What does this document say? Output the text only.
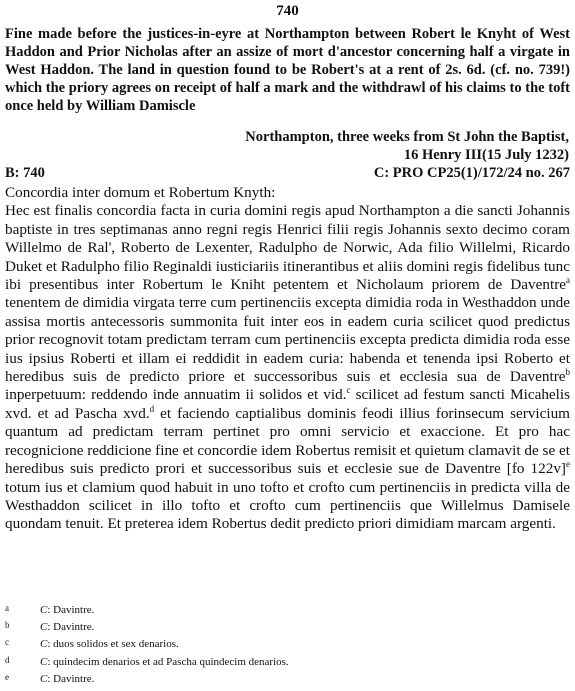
740

Fine made before the justices-in-eyre at Northampton between Robert le Knyht of West Haddon and Prior Nicholas after an assize of mort d'ancestor concerning half a virgate in West Haddon. The land in question found to be Robert's at a rent of 2s. 6d. (cf. no. 739!) which the priory agrees on receipt of half a mark and the withdrawl of his claims to the toft once held by William Damiscle

Northampton, three weeks from St John the Baptist,
16 Henry III(15 July 1232)
B: 740	C: PRO CP25(1)/172/24 no. 267

Concordia inter domum et Robertum Knyth:

Hec est finalis concordia facta in curia domini regis apud Northampton a die sancti Johannis baptiste in tres septimanas anno regni regis Henrici filii regis Johannis sexto decimo coram Willelmo de Ral', Roberto de Lexenter, Radulpho de Norwic, Ada filio Willelmi, Ricardo Duket et Radulpho filio Reginaldi iusticiariis itinerantibus et aliis domini regis fidelibus tunc ibi presentibus inter Robertum le Kniht petentem et Nicholaum priorem de Daventre$^a$ tenentem de dimidia virgata terre cum pertinenciis excepta dimidia roda in Westhaddon unde assisa mortis antecessoris summonita fuit inter eos in eadem curia scilicet quod predictus prior recognovit totam predictam terram cum pertinenciis excepta predicta dimidia roda esse ius ipsius Roberti et illam ei reddidit in eadem curia: habenda et tenenda ipsi Roberto et heredibus suis de predicto priore et successoribus suis et ecclesia sua de Daventre$^b$ inperpetuum: reddendo inde annuatim ii solidos et vid.$^c$ scilicet ad festum sancti Micahelis xvd. et ad Pascha xvd.$^d$ et faciendo captialibus dominis feodi illius forinsecum servicium quantum ad predictam terram pertinet pro omni servicio et exaccione. Et pro hac recognicione reddicione fine et concordie idem Robertus remisit et quietum clamavit de se et heredibus suis predicto prori et successoribus suis et ecclesie sue de Daventre [fo 122v]$^e$ totum ius et clamium quod habuit in uno tofto et crofto cum pertinenciis in predicta villa de Westhaddon scilicet in illo tofto et crofto cum pertinenciis que Willelmus Damisele quondam tenuit. Et preterea idem Robertus dedit predicto priori dimidiam marcam argenti.

a	C: Davintre.
b	C: Davintre.
c	C: duos solidos et sex denarios.
d	C: quindecim denarios et ad Pascha quindecim denarios.
e	C: Davintre.
